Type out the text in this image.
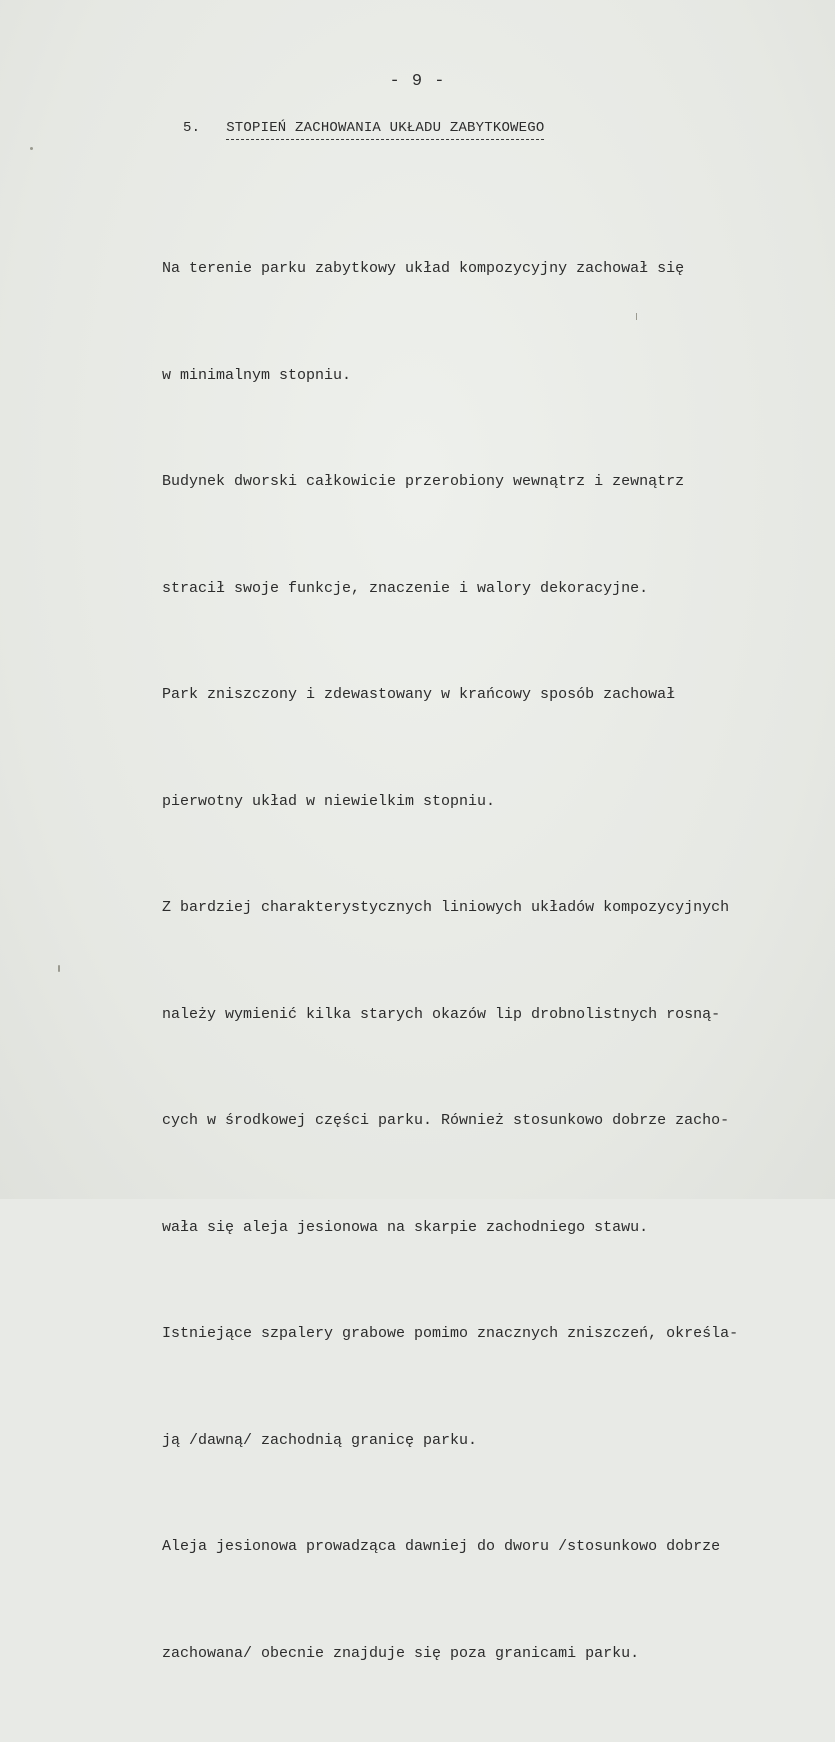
- 9 -
5. STOPIEŃ ZACHOWANIA UKŁADU ZABYTKOWEGO

Na terenie parku zabytkowy układ kompozycyjny zachował się

w minimalnym stopniu.

Budynek dworski całkowicie przerobiony wewnątrz i zewnątrz

stracił swoje funkcje, znaczenie i walory dekoracyjne.

Park zniszczony i zdewastowany w krańcowy sposób zachował

pierwotny układ w niewielkim stopniu.

Z bardziej charakterystycznych liniowych układów kompozycyjnych

należy wymienić kilka starych okazów lip drobnolistnych rosną-

cych w środkowej części parku. Również stosunkowo dobrze zacho-

wała się aleja jesionowa na skarpie zachodniego stawu.

Istniejące szpalery grabowe pomimo znacznych zniszczeń, określa-

ją /dawną/ zachodnią granicę parku.

Aleja jesionowa prowadząca dawniej do dworu /stosunkowo dobrze

zachowana/ obecnie znajduje się poza granicami parku.
